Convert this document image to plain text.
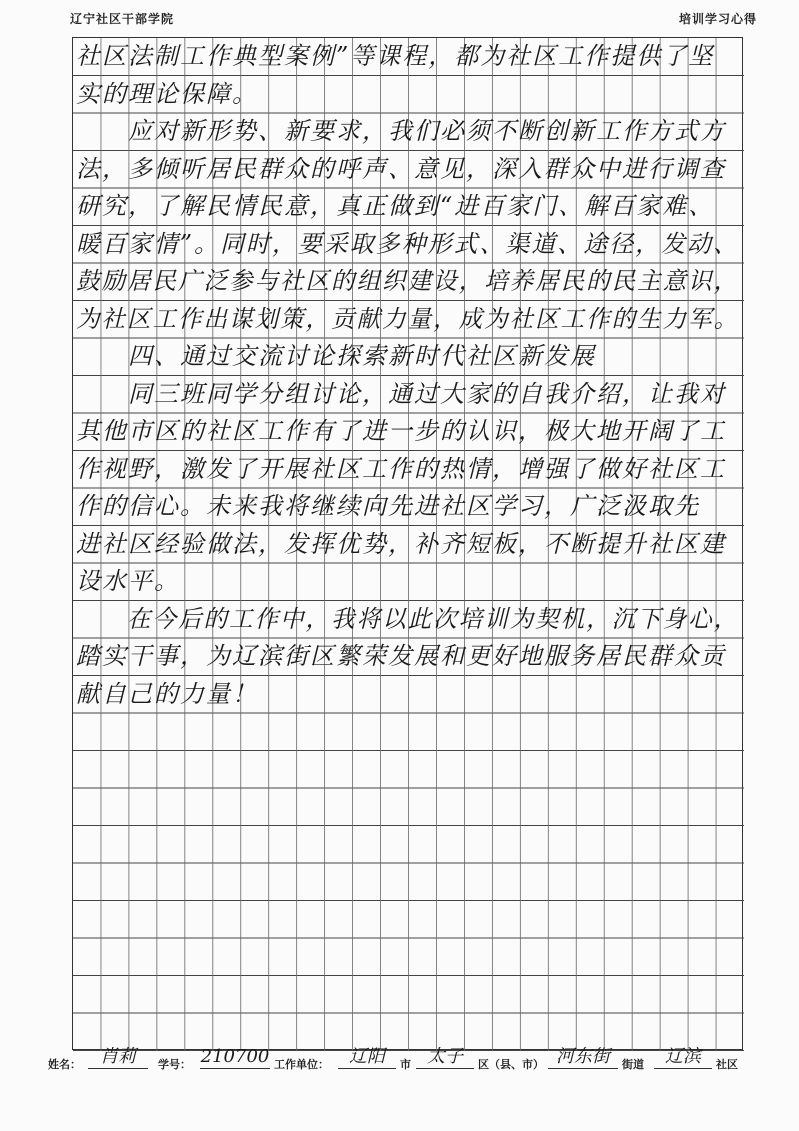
辽宁社区干部学院	培训学习心得
社区法制工作典型案例”等课程，都为社区工作提供了坚
实的理论保障。
　　应对新形势、新要求，我们必须不断创新工作方式方
法，多倾听居民群众的呼声、意见，深入群众中进行调查
研究，了解民情民意，真正做到“进百家门、解百家难、
暖百家情”。同时，要采取多种形式、渠道、途径，发动、
鼓励居民广泛参与社区的组织建设，培养居民的民主意识，
为社区工作出谋划策，贡献力量，成为社区工作的生力军。
　　四、通过交流讨论探索新时代社区新发展
　　同三班同学分组讨论，通过大家的自我介绍，让我对
其他市区的社区工作有了进一步的认识，极大地开阔了工
作视野，激发了开展社区工作的热情，增强了做好社区工
作的信心。未来我将继续向先进社区学习，广泛汲取先
进社区经验做法，发挥优势，补齐短板，不断提升社区建
设水平。
　　在今后的工作中，我将以此次培训为契机，沉下身心，
踏实干事，为辽滨街区繁荣发展和更好地服务居民群众贡
献自己的力量！
姓名：	肖莉	学号： 210700 工作单位：	辽阳	市 太子	区（县、市） 河东街	街道	辽滨	社区
